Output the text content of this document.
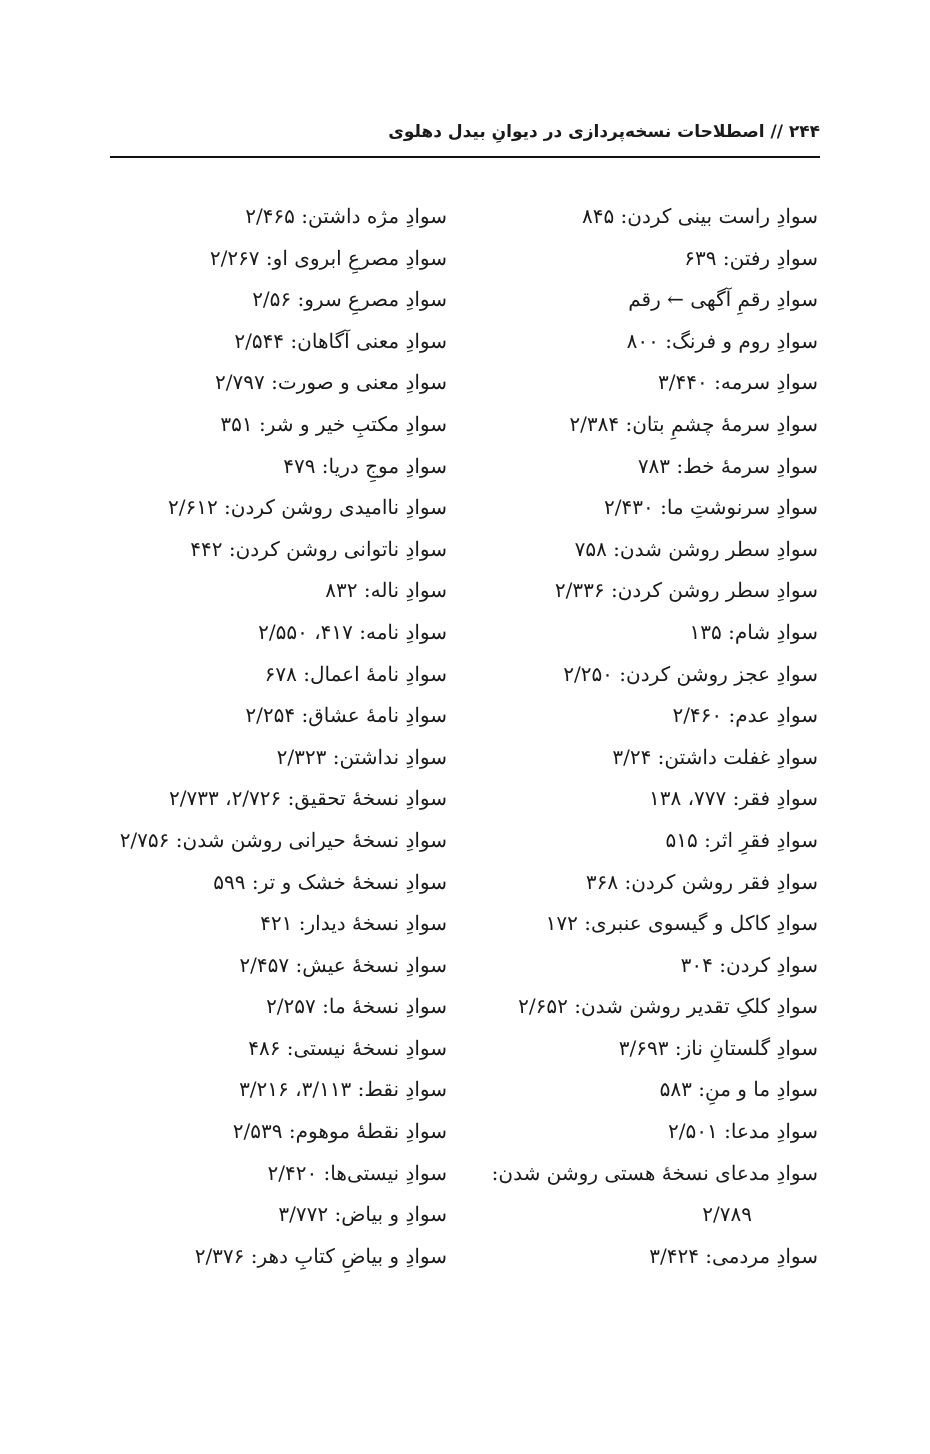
۲۴۴ // اصطلاحات نسخه‌پردازی در دیوانِ بیدل دهلوی
سوادِ راست بینی کردن: ۸۴۵
سوادِ رفتن: ۶۳۹
سوادِ رقمِ آگهی ← رقم
سوادِ روم و فرنگ: ۸۰۰
سوادِ سرمه: ۳/۴۴۰
سوادِ سرمهٔ چشمِ بتان: ۲/۳۸۴
سوادِ سرمهٔ خط: ۷۸۳
سوادِ سرنوشتِ ما: ۲/۴۳۰
سوادِ سطر روشن شدن: ۷۵۸
سوادِ سطر روشن کردن: ۲/۳۳۶
سوادِ شام: ۱۳۵
سوادِ عجز روشن کردن: ۲/۲۵۰
سوادِ عدم: ۲/۴۶۰
سوادِ غفلت داشتن: ۳/۲۴
سوادِ فقر: ۷۷۷، ۱۳۸
سوادِ فقرِ اثر: ۵۱۵
سوادِ فقر روشن کردن: ۳۶۸
سوادِ کاکل و گیسوی عنبری: ۱۷۲
سوادِ کردن: ۳۰۴
سوادِ کلکِ تقدیر روشن شدن: ۲/۶۵۲
سوادِ گلستانِ ناز: ۳/۶۹۳
سوادِ ما و منِ: ۵۸۳
سوادِ مدعا: ۲/۵۰۱
سوادِ مدعای نسخهٔ هستی روشن شدن:
۲/۷۸۹
سوادِ مردمی: ۳/۴۲۴
سوادِ مژه داشتن: ۲/۴۶۵
سوادِ مصرعِ ابروی او: ۲/۲۶۷
سوادِ مصرعِ سرو: ۲/۵۶
سوادِ معنی آگاهان: ۲/۵۴۴
سوادِ معنی و صورت: ۲/۷۹۷
سوادِ مکتبِ خیر و شر: ۳۵۱
سوادِ موجِ دریا: ۴۷۹
سوادِ ناامیدی روشن کردن: ۲/۶۱۲
سوادِ ناتوانی روشن کردن: ۴۴۲
سوادِ ناله: ۸۳۲
سوادِ نامه: ۴۱۷، ۲/۵۵۰
سوادِ نامهٔ اعمال: ۶۷۸
سوادِ نامهٔ عشاق: ۲/۲۵۴
سوادِ نداشتن: ۲/۳۲۳
سوادِ نسخهٔ تحقیق: ۲/۷۲۶، ۲/۷۳۳
سوادِ نسخهٔ حیرانی روشن شدن: ۲/۷۵۶
سوادِ نسخهٔ خشک و تر: ۵۹۹
سوادِ نسخهٔ دیدار: ۴۲۱
سوادِ نسخهٔ عیش: ۲/۴۵۷
سوادِ نسخهٔ ما: ۲/۲۵۷
سوادِ نسخهٔ نیستی: ۴۸۶
سوادِ نقط: ۳/۱۱۳، ۳/۲۱۶
سوادِ نقطهٔ موهوم: ۲/۵۳۹
سوادِ نیستی‌ها: ۲/۴۲۰
سوادِ و بیاض: ۳/۷۷۲
سوادِ و بیاضِ کتابِ دهر: ۲/۳۷۶
